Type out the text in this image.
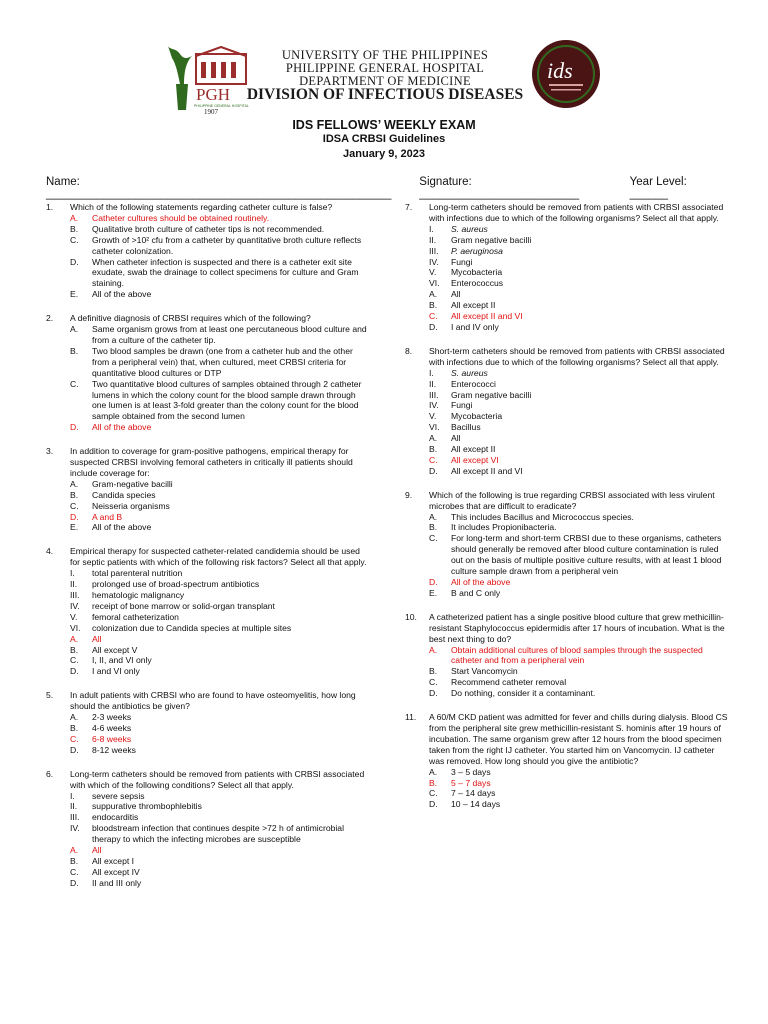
PGH
PHILIPPINE GENERAL HOSPITAL
1907
UNIVERSITY OF THE PHILIPPINES
PHILIPPINE GENERAL HOSPITAL
DEPARTMENT OF MEDICINE
DIVISION OF INFECTIOUS DISEASES
ids
IDS FELLOWS’ WEEKLY EXAM
IDSA CRBSI Guidelines
January 9, 2023
Name: ______________________________________________________
Signature: _________________________
Year Level: ______
1.	Which of the following statements regarding catheter culture is false?
A.	Catheter cultures should be obtained routinely.
B.	Qualitative broth culture of catheter tips is not recommended.
C.	Growth of >10² cfu from a catheter by quantitative broth culture reflects catheter colonization.
D.	When catheter infection is suspected and there is a catheter exit site exudate, swab the drainage to collect specimens for culture and Gram staining.
E.	All of the above
2.	A definitive diagnosis of CRBSI requires which of the following?
A.	Same organism grows from at least one percutaneous blood culture and from a culture of the catheter tip.
B.	Two blood samples be drawn (one from a catheter hub and the other from a peripheral vein) that, when cultured, meet CRBSI criteria for quantitative blood cultures or DTP
C.	Two quantitative blood cultures of samples obtained through 2 catheter lumens in which the colony count for the blood sample drawn through one lumen is at least 3-fold greater than the colony count for the blood sample obtained from the second lumen
D.	All of the above
3.	In addition to coverage for gram-positive pathogens, empirical therapy for suspected CRBSI involving femoral catheters in critically ill patients should include coverage for:
A.	Gram-negative bacilli
B.	Candida species
C.	Neisseria organisms
D.	A and B
E.	All of the above
4.	Empirical therapy for suspected catheter-related candidemia should be used for septic patients with which of the following risk factors? Select all that apply.
I.	total parenteral nutrition
II.	prolonged use of broad-spectrum antibiotics
III.	hematologic malignancy
IV.	receipt of bone marrow or solid-organ transplant
V.	femoral catheterization
VI.	colonization due to Candida species at multiple sites
A.	All
B.	All except V
C.	I, II, and VI only
D.	I and VI only
5.	In adult patients with CRBSI who are found to have osteomyelitis, how long should the antibiotics be given?
A.	2-3 weeks
B.	4-6 weeks
C.	6-8 weeks
D.	8-12 weeks
6.	Long-term catheters should be removed from patients with CRBSI associated with which of the following conditions? Select all that apply.
I.	severe sepsis
II.	suppurative thrombophlebitis
III.	endocarditis
IV.	bloodstream infection that continues despite >72 h of antimicrobial therapy to which the infecting microbes are susceptible
A.	All
B.	All except I
C.	All except IV
D.	II and III only
7.	Long-term catheters should be removed from patients with CRBSI associated with infections due to which of the following organisms? Select all that apply.
I.	S. aureus
II.	Gram negative bacilli
III.	P. aeruginosa
IV.	Fungi
V.	Mycobacteria
VI.	Enterococcus
A.	All
B.	All except II
C.	All except II and VI
D.	I and IV only
8.	Short-term catheters should be removed from patients with CRBSI associated with infections due to which of the following organisms? Select all that apply.
I.	S. aureus
II.	Enterococci
III.	Gram negative bacilli
IV.	Fungi
V.	Mycobacteria
VI.	Bacillus
A.	All
B.	All except II
C.	All except VI
D.	All except II and VI
9.	Which of the following is true regarding CRBSI associated with less virulent microbes that are difficult to eradicate?
A.	This includes Bacillus and Micrococcus species.
B.	It includes Propionibacteria.
C.	For long-term and short-term CRBSI due to these organisms, catheters should generally be removed after blood culture contamination is ruled out on the basis of multiple positive culture results, with at least 1 blood culture sample drawn from a peripheral vein
D.	All of the above
E.	B and C only
10.	A catheterized patient has a single positive blood culture that grew methicillin-resistant Staphylococcus epidermidis after 17 hours of incubation. What is the best next thing to do?
A.	Obtain additional cultures of blood samples through the suspected catheter and from a peripheral vein
B.	Start Vancomycin
C.	Recommend catheter removal
D.	Do nothing, consider it a contaminant.
11.	A 60/M CKD patient was admitted for fever and chills during dialysis. Blood CS from the peripheral site grew methicillin-resistant S. hominis after 19 hours of incubation. The same organism grew after 12 hours from the blood specimen taken from the right IJ catheter. You started him on Vancomycin. IJ catheter was removed. How long should you give the antibiotic?
A.	3 – 5 days
B.	5 – 7 days
C.	7 – 14 days
D.	10 – 14 days
